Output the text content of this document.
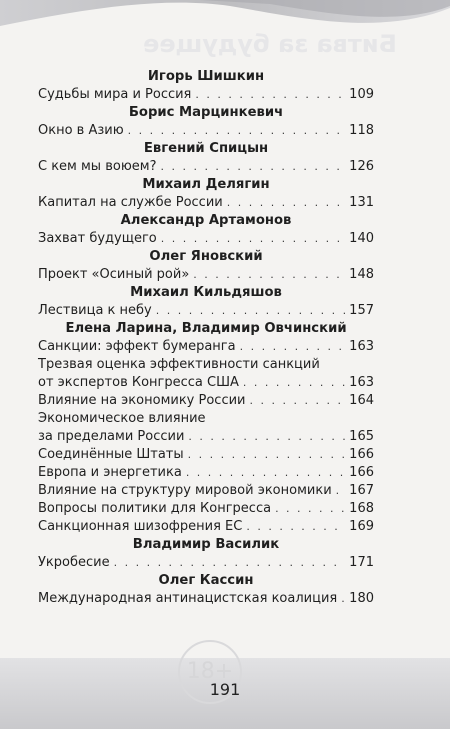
Битва за будущее
Игорь Шишкин
Судьбы мира и Россия . . .	109
Борис Марцинкевич
Окно в Азию . . .	118
Евгений Спицын
С кем мы воюем? . . .	126
Михаил Делягин
Капитал на службе России . . .	131
Александр Артамонов
Захват будущего . . .	140
Олег Яновский
Проект «Осиный рой» . . .	148
Михаил Кильдяшов
Лествица к небу . . .	157
Елена Ларина, Владимир Овчинский
Санкции: эффект бумеранга . . .	163
Трезвая оценка эффективности санкций
от экспертов Конгресса США . . .	163
Влияние на экономику России . . .	164
Экономическое влияние
за пределами России . . .	165
Соединённые Штаты . . .	166
Европа и энергетика . . .	166
Влияние на структуру мировой экономики . . . 167
Вопросы политики для Конгресса . . .	168
Санкционная шизофрения ЕС . . .	169
Владимир Василик
Укробесие . . .	171
Олег Кассин
Международная антинацистская коалиция . . . 180
18+
191
